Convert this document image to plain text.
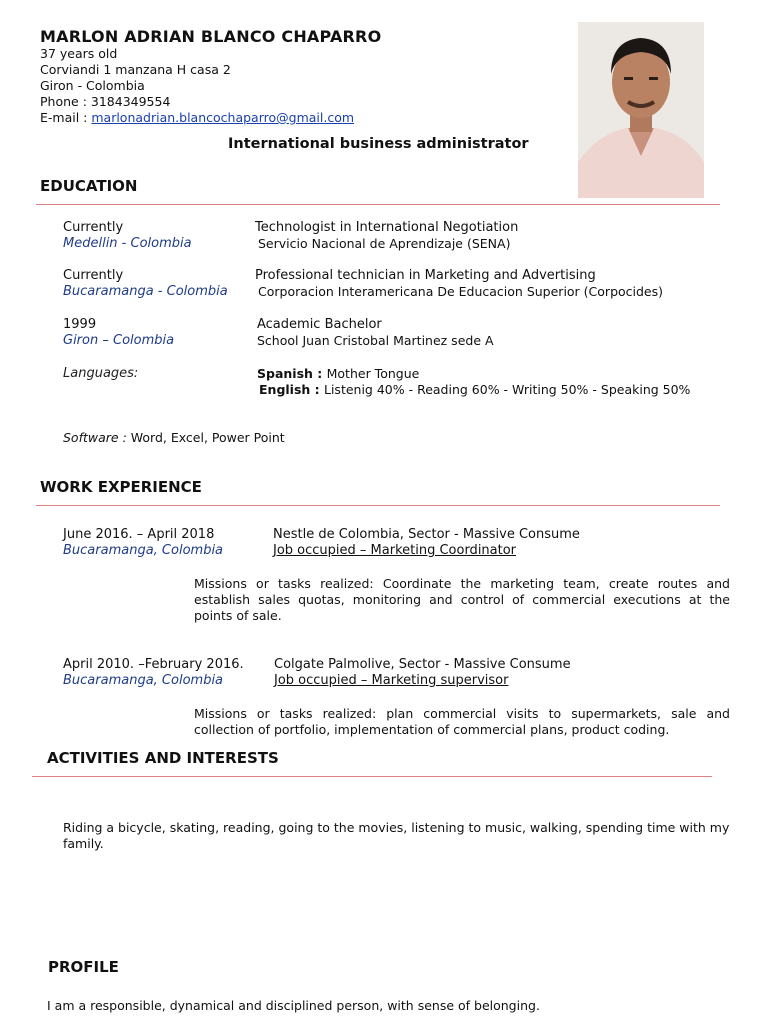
MARLON ADRIAN BLANCO CHAPARRO
37 years old
Corviandi 1 manzana H casa 2
Giron - Colombia
Phone : 3184349554
E-mail : marlonadrian.blancochaparro@gmail.com
International business administrator
EDUCATION
Currently
Medellin - Colombia
Technologist in International Negotiation
Servicio Nacional de Aprendizaje (SENA)
Currently
Bucaramanga - Colombia
Professional technician in Marketing and Advertising
Corporacion Interamericana De Educacion Superior (Corpocides)
1999
Giron – Colombia
Academic Bachelor
School Juan Cristobal Martinez sede A
Languages:	Spanish : Mother Tongue
English : Listenig 40% - Reading 60% - Writing 50% - Speaking 50%
Software : Word, Excel, Power Point
WORK EXPERIENCE
June 2016. – April 2018
Bucaramanga, Colombia
Nestle de Colombia, Sector - Massive Consume
Job occupied – Marketing Coordinator
Missions or tasks realized: Coordinate the marketing team, create routes and establish sales quotas, monitoring and control of commercial executions at the points of sale.
April 2010. –February 2016.
Bucaramanga, Colombia
Colgate Palmolive, Sector - Massive Consume
Job occupied – Marketing supervisor
Missions or tasks realized: plan commercial visits to supermarkets, sale and collection of portfolio, implementation of commercial plans, product coding.
ACTIVITIES AND INTERESTS
Riding a bicycle, skating, reading, going to the movies, listening to music, walking, spending time with my family.
PROFILE
I am a responsible, dynamical and disciplined person, with sense of belonging.
